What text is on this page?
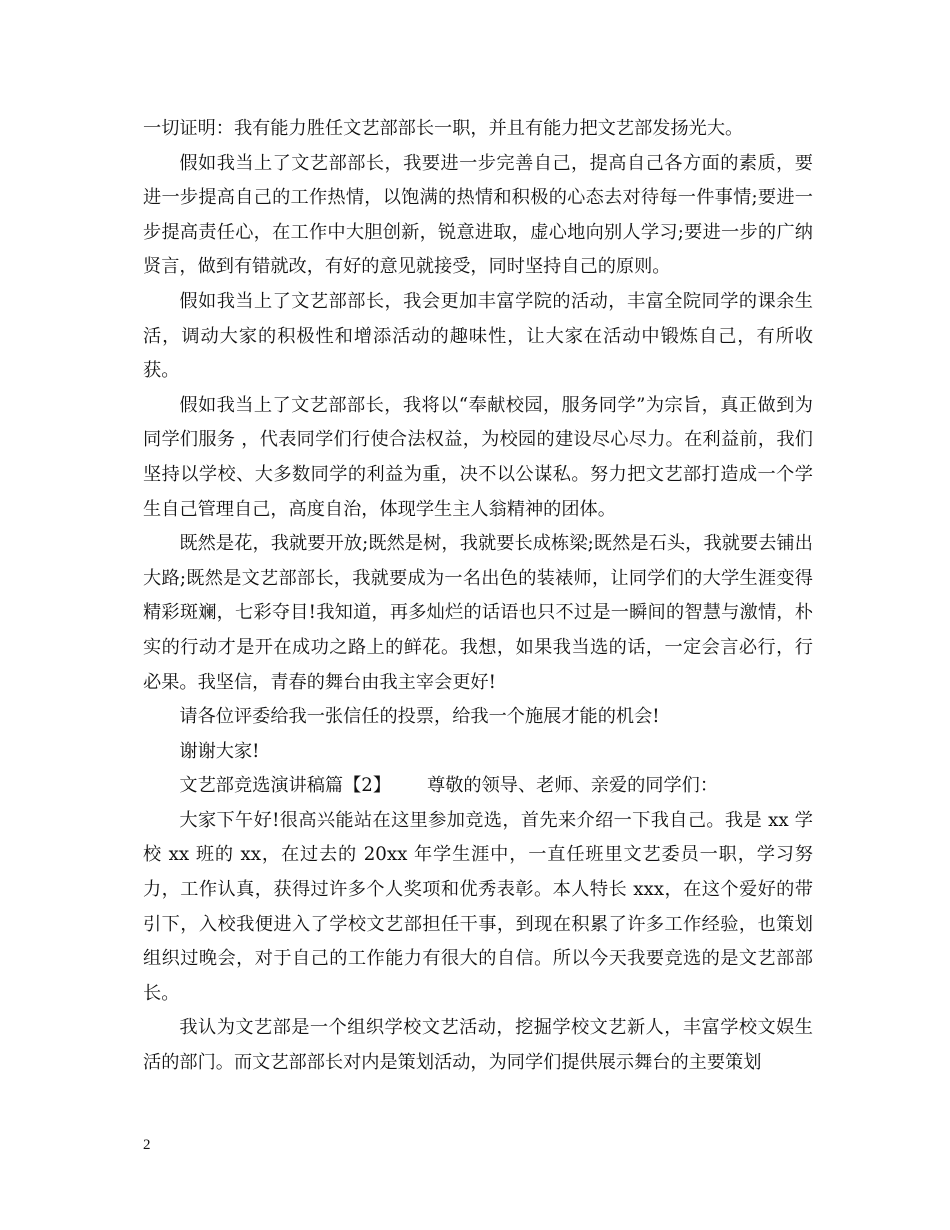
一切证明：我有能力胜任文艺部部长一职，并且有能力把文艺部发扬光大。

假如我当上了文艺部部长，我要进一步完善自己，提高自己各方面的素质，要进一步提高自己的工作热情，以饱满的热情和积极的心态去对待每一件事情;要进一步提高责任心，在工作中大胆创新，锐意进取，虚心地向别人学习;要进一步的广纳贤言，做到有错就改，有好的意见就接受，同时坚持自己的原则。

假如我当上了文艺部部长，我会更加丰富学院的活动，丰富全院同学的课余生活，调动大家的积极性和增添活动的趣味性，让大家在活动中锻炼自己，有所收获。

假如我当上了文艺部部长，我将以“奉献校园，服务同学”为宗旨，真正做到为同学们服务 ，代表同学们行使合法权益，为校园的建设尽心尽力。在利益前，我们坚持以学校、大多数同学的利益为重，决不以公谋私。努力把文艺部打造成一个学生自己管理自己，高度自治，体现学生主人翁精神的团体。

既然是花，我就要开放;既然是树，我就要长成栋梁;既然是石头，我就要去铺出大路;既然是文艺部部长，我就要成为一名出色的装裱师，让同学们的大学生涯变得精彩斑斓，七彩夺目!我知道，再多灿烂的话语也只不过是一瞬间的智慧与激情，朴实的行动才是开在成功之路上的鲜花。我想，如果我当选的话，一定会言必行，行必果。我坚信，青春的舞台由我主宰会更好!

请各位评委给我一张信任的投票，给我一个施展才能的机会!

谢谢大家!

文艺部竞选演讲稿篇【2】 尊敬的领导、老师、亲爱的同学们：

大家下午好!很高兴能站在这里参加竞选，首先来介绍一下我自己。我是 xx 学校 xx 班的 xx，在过去的 20xx 年学生涯中，一直任班里文艺委员一职，学习努力，工作认真，获得过许多个人奖项和优秀表彰。本人特长 xxx，在这个爱好的带引下，入校我便进入了学校文艺部担任干事，到现在积累了许多工作经验，也策划组织过晚会，对于自己的工作能力有很大的自信。所以今天我要竞选的是文艺部部长。

我认为文艺部是一个组织学校文艺活动，挖掘学校文艺新人，丰富学校文娱生活的部门。而文艺部部长对内是策划活动，为同学们提供展示舞台的主要策划

2
